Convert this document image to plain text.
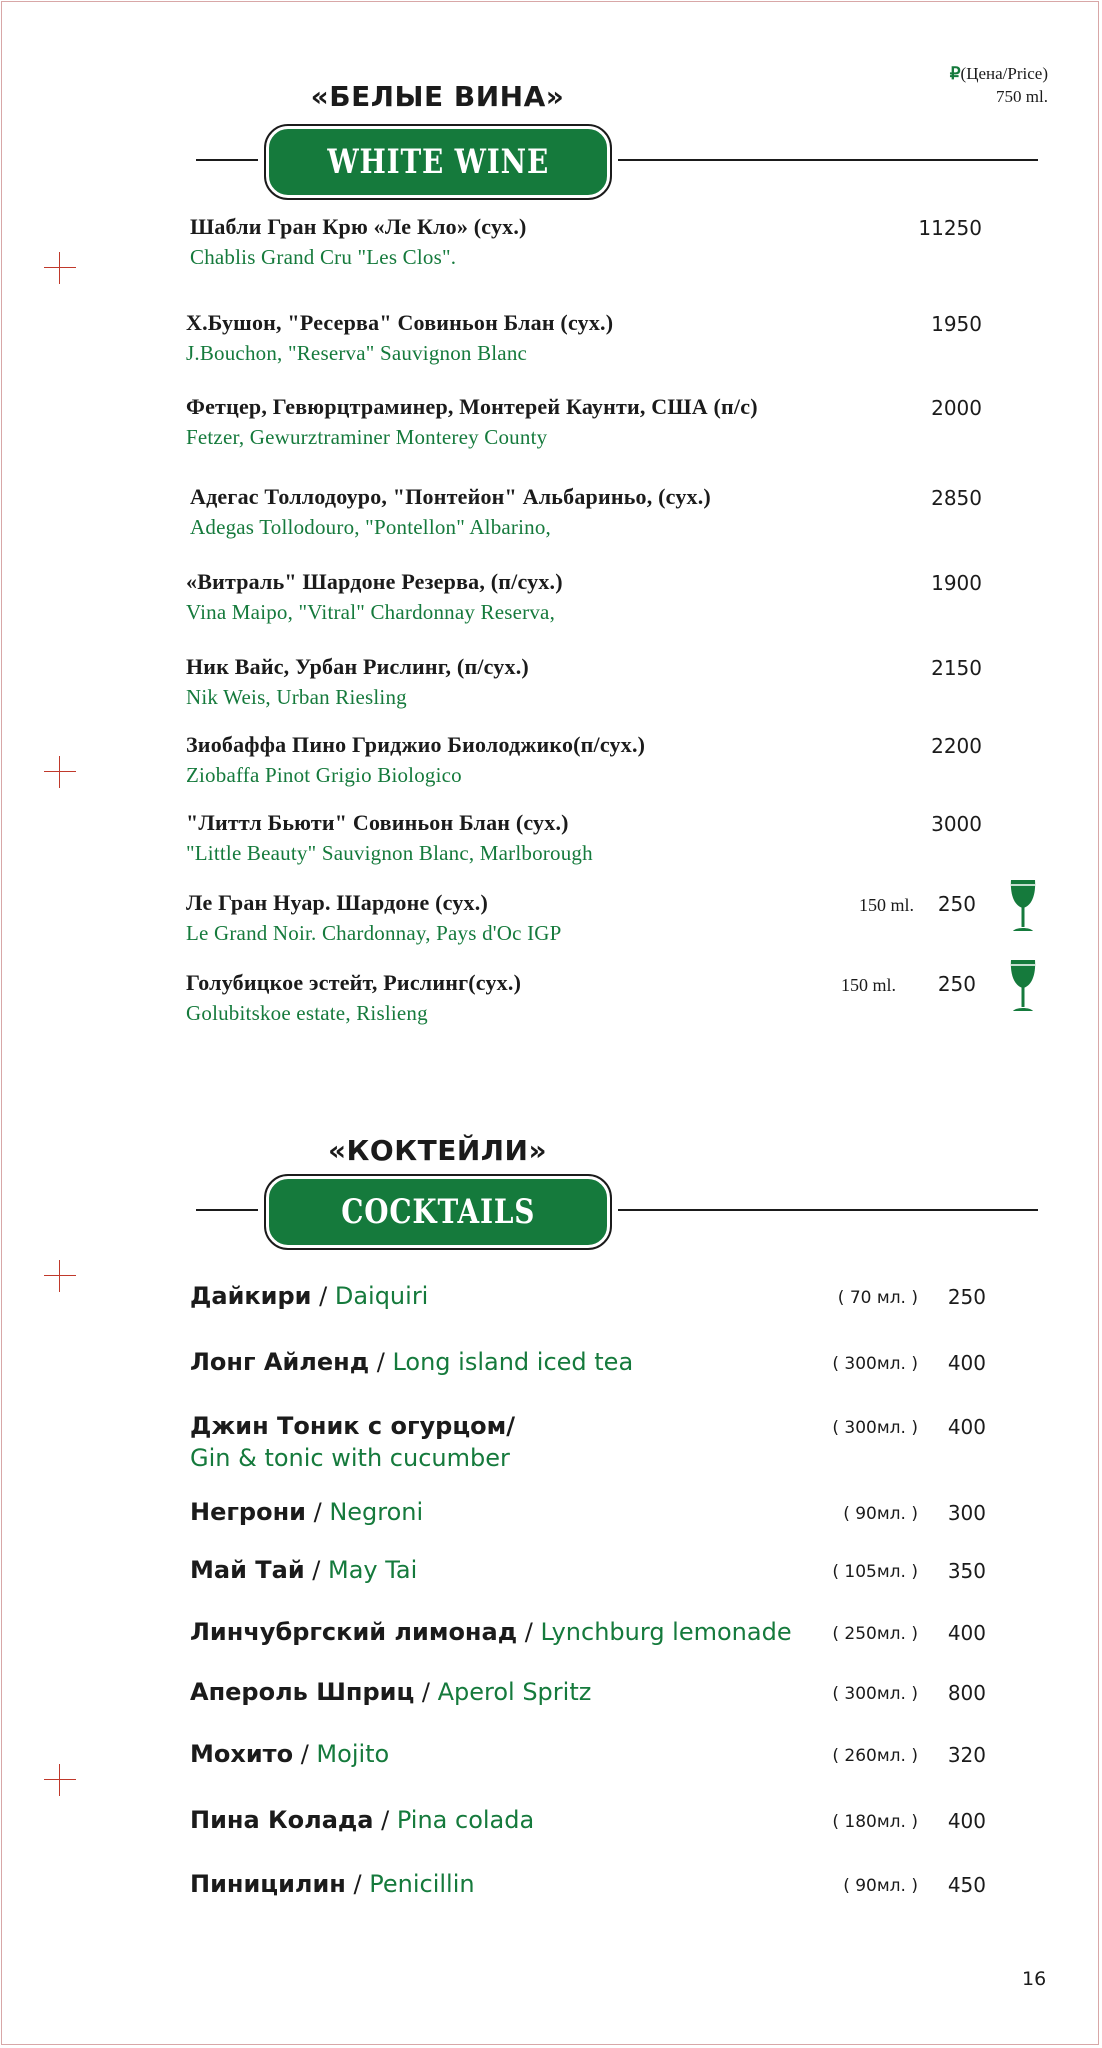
₽(Цена/Price)
750 ml.
«БЕЛЫЕ ВИНА»
WHITE WINE
Шабли Гран Крю «Ле Кло» (сух.)
Chablis Grand Cru "Les Clos".
11250
Х.Бушон, "Ресерва" Совиньон Блан (сух.)
J.Bouchon, "Reserva" Sauvignon Blanc
1950
Фетцер, Гевюрцтраминер, Монтерей Каунти, США (п/с)
Fetzer, Gewurztraminer Monterey County
2000
Адегас Толлодоуро, "Понтейон" Альбариньо, (сух.)
Adegas Tollodouro, "Pontellon" Albarino,
2850
«Витраль" Шардоне Резерва, (п/сух.)
Vina Maipo, "Vitral" Chardonnay Reserva,
1900
Ник Вайс, Урбан Рислинг, (п/сух.)
Nik Weis, Urban Riesling
2150
Зиобаффа Пино Гриджио Биолоджико(п/сух.)
Ziobaffa Pinot Grigio Biologico
2200
"Литтл Бьюти" Совиньон Блан (сух.)
"Little Beauty" Sauvignon Blanc, Marlborough
3000
Ле Гран Нуар. Шардоне (сух.)
Le Grand Noir. Chardonnay, Pays d'Oc IGP
250
150 ml.
Голубицкое эстейт, Рислинг(сух.)
Golubitskoe estate, Rislieng
250
150 ml.
«КОКТЕЙЛИ»
COCKTAILS
Дайкири / Daiquiri	( 70 мл. ) 250
Лонг Айленд / Long island iced tea	( 300мл. ) 400
Джин Тоник с огурцом/
Gin & tonic with cucumber
( 300мл. ) 400
Негрони / Negroni	( 90мл. ) 300
Май Тай / May Tai	( 105мл. ) 350
Линчубргский лимонад / Lynchburg lemonade ( 250мл. ) 400
Апероль Шприц / Aperol Spritz	( 300мл. ) 800
Мохито / Mojito	( 260мл. ) 320
Пина Колада / Pina colada	( 180мл. ) 400
Пиницилин / Penicillin	( 90мл. ) 450
16
